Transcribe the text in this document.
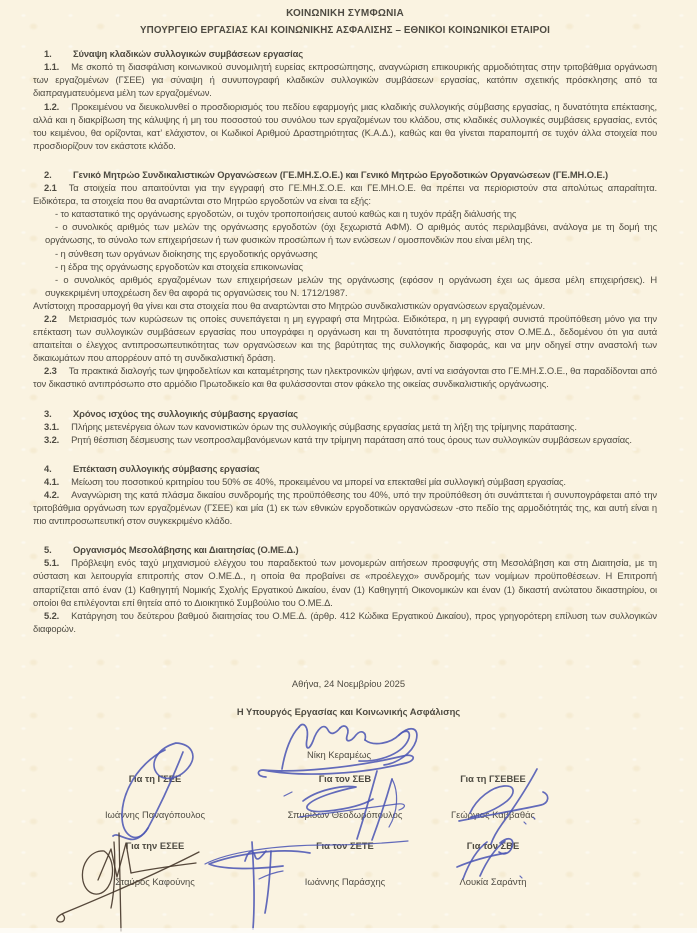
ΚΟΙΝΩΝΙΚΗ ΣΥΜΦΩΝΙΑ
ΥΠΟΥΡΓΕΙΟ ΕΡΓΑΣΙΑΣ ΚΑΙ ΚΟΙΝΩΝΙΚΗΣ ΑΣΦΑΛΙΣΗΣ – ΕΘΝΙΚΟΙ ΚΟΙΝΩΝΙΚΟΙ ΕΤΑΙΡΟΙ
1.	Σύναψη κλαδικών συλλογικών συμβάσεων εργασίας

1.1. Με σκοπό τη διασφάλιση κοινωνικού συνομιλητή ευρείας εκπροσώπησης, αναγνώριση επικουρικής αρμοδιότητας στην τριτοβάθμια οργάνωση των εργαζομένων (ΓΣΕΕ) για σύναψη ή συνυπογραφή κλαδικών συλλογικών συμβάσεων εργασίας, κατόπιν σχετικής πρόσκλησης από τα διαπραγματευόμενα μέλη των εργαζομένων.

1.2. Προκειμένου να διευκολυνθεί ο προσδιορισμός του πεδίου εφαρμογής μιας κλαδικής συλλογικής σύμβασης εργασίας, η δυνατότητα επέκτασης, αλλά και η διακρίβωση της κάλυψης ή μη του ποσοστού του συνόλου των εργαζομένων του κλάδου, στις κλαδικές συλλογικές συμβάσεις εργασίας, εντός του κειμένου, θα ορίζονται, κατ’ ελάχιστον, οι Κωδικοί Αριθμού Δραστηριότητας (Κ.Α.Δ.), καθώς και θα γίνεται παραπομπή σε τυχόν άλλα στοιχεία που προσδιορίζουν τον εκάστοτε κλάδο.

2.	Γενικό Μητρώο Συνδικαλιστικών Οργανώσεων (ΓΕ.ΜΗ.Σ.Ο.Ε.) και Γενικό Μητρώο Εργοδοτικών Οργανώσεων (ΓΕ.ΜΗ.Ο.Ε.)

2.1 Τα στοιχεία που απαιτούνται για την εγγραφή στο ΓΕ.ΜΗ.Σ.Ο.Ε. και ΓΕ.ΜΗ.Ο.Ε. θα πρέπει να περιοριστούν στα απολύτως απαραίτητα. Ειδικότερα, τα στοιχεία που θα αναρτώνται στο Μητρώο εργοδοτών να είναι τα εξής:

- το καταστατικό της οργάνωσης εργοδοτών, οι τυχόν τροποποιήσεις αυτού καθώς και η τυχόν πράξη διάλυσής της

- ο συνολικός αριθμός των μελών της οργάνωσης εργοδοτών (όχι ξεχωριστά ΑΦΜ). Ο αριθμός αυτός περιλαμβάνει, ανάλογα με τη δομή της οργάνωσης, το σύνολο των επιχειρήσεων ή των φυσικών προσώπων ή των ενώσεων / ομοσπονδιών που είναι μέλη της.

- η σύνθεση των οργάνων διοίκησης της εργοδοτικής οργάνωσης

- η έδρα της οργάνωσης εργοδοτών και στοιχεία επικοινωνίας

- ο συνολικός αριθμός εργαζομένων των επιχειρήσεων μελών της οργάνωσης (εφόσον η οργάνωση έχει ως άμεσα μέλη επιχειρήσεις). Η συγκεκριμένη υποχρέωση δεν θα αφορά τις οργανώσεις του Ν. 1712/1987.

Αντίστοιχη προσαρμογή θα γίνει και στα στοιχεία που θα αναρτώνται στο Μητρώο συνδικαλιστικών οργανώσεων εργαζομένων.

2.2 Μετριασμός των κυρώσεων τις οποίες συνεπάγεται η μη εγγραφή στα Μητρώα. Ειδικότερα, η μη εγγραφή συνιστά προϋπόθεση μόνο για την επέκταση των συλλογικών συμβάσεων εργασίας που υπογράφει η οργάνωση και τη δυνατότητα προσφυγής στον Ο.ΜΕ.Δ., δεδομένου ότι για αυτά απαιτείται ο έλεγχος αντιπροσωπευτικότητας των οργανώσεων και της βαρύτητας της συλλογικής διαφοράς, και να μην οδηγεί στην αναστολή των δικαιωμάτων που απορρέουν από τη συνδικαλιστική δράση.

2.3 Τα πρακτικά διαλογής των ψηφοδελτίων και καταμέτρησης των ηλεκτρονικών ψήφων, αντί να εισάγονται στο ΓΕ.ΜΗ.Σ.Ο.Ε., θα παραδίδονται από τον δικαστικό αντιπρόσωπο στο αρμόδιο Πρωτοδικείο και θα φυλάσσονται στον φάκελο της οικείας συνδικαλιστικής οργάνωσης.

3.	Χρόνος ισχύος της συλλογικής σύμβασης εργασίας

3.1. Πλήρης μετενέργεια όλων των κανονιστικών όρων της συλλογικής σύμβασης εργασίας μετά τη λήξη της τρίμηνης παράτασης.

3.2. Ρητή θέσπιση δέσμευσης των νεοπροσλαμβανόμενων κατά την τρίμηνη παράταση από τους όρους των συλλογικών συμβάσεων εργασίας.

4.	Επέκταση συλλογικής σύμβασης εργασίας

4.1. Μείωση του ποσοτικού κριτηρίου του 50% σε 40%, προκειμένου να μπορεί να επεκταθεί μία συλλογική σύμβαση εργασίας.

4.2. Αναγνώριση της κατά πλάσμα δικαίου συνδρομής της προϋπόθεσης του 40%, υπό την προϋπόθεση ότι συνάπτεται ή συνυπογράφεται από την τριτοβάθμια οργάνωση των εργαζομένων (ΓΣΕΕ) και μία (1) εκ των εθνικών εργοδοτικών οργανώσεων -στο πεδίο της αρμοδιότητάς της, και αυτή είναι η πιο αντιπροσωπευτική στον συγκεκριμένο κλάδο.

5.	Οργανισμός Μεσολάβησης και Διαιτησίας (Ο.ΜΕ.Δ.)

5.1. Πρόβλεψη ενός ταχύ μηχανισμού ελέγχου του παραδεκτού των μονομερών αιτήσεων προσφυγής στη Μεσολάβηση και στη Διαιτησία, με τη σύσταση και λειτουργία επιτροπής στον Ο.ΜΕ.Δ., η οποία θα προβαίνει σε «προέλεγχο» συνδρομής των νομίμων προϋποθέσεων. Η Επιτροπή απαρτίζεται από έναν (1) Καθηγητή Νομικής Σχολής Εργατικού Δικαίου, έναν (1) Καθηγητή Οικονομικών και έναν (1) δικαστή ανώτατου δικαστηρίου, οι οποίοι θα επιλέγονται επί θητεία από το Διοικητικό Συμβούλιο του Ο.ΜΕ.Δ.

5.2. Κατάργηση του δεύτερου βαθμού διαιτησίας του Ο.ΜΕ.Δ. (άρθρ. 412 Κώδικα Εργατικού Δικαίου), προς γρηγορότερη επίλυση των συλλογικών διαφορών.

Αθήνα, 24 Νοεμβρίου 2025
Η Υπουργός Εργασίας και Κοινωνικής Ασφάλισης
Νίκη Κεραμέως
Για τη ΓΣΕΕ
Ιωάννης Παναγόπουλος
Για τον ΣΕΒ
Σπυρίδων Θεοδωρόπουλος
Για τη ΓΣΕΒΕΕ
Γεώργιος Καββαθάς
Για την ΕΣΕΕ
Σταύρος Καφούνης
Για τον ΣΕΤΕ
Ιωάννης Παράσχης
Για τον ΣΒΕ
Λουκία Σαράντη
